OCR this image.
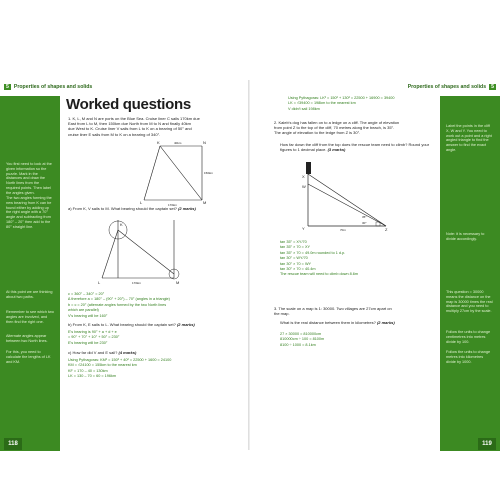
5 Properties of shapes and solids
You first need to look at the given information so the puzzle. Mark in the distances and draw the North lines from the required points. Then label the angles given.
The two angles forming the new bearing from K can be found either by adding up the right angle with a 70° angle and subtracting from 180° – 20° then add to the 80° straight line.
At this point we are thinking about two paths.
Remember to see which two angles are involved, and then find the right one.
Alternate angles appear between two North lines.
For this, you need to calculate the lengths of LK and KM.
118
Worked questions
1. K, L, M and N are ports on the Blue Sea. Cruise liner C sails 170km due
East from L to M, then 150km due North from M to N and finally 40km
due West to K. Cruise liner V sails from L to K on a bearing of 50° and
cruise liner E sails from M to K on a bearing of 340°.
K	N
L	M
150km
170km
40km
a) From K, V sails to M. What bearing should the captain set? (2 marks)
K
M
L	170km
c = 360° – 340° = 20°
∆ therefore a = 180° – (90° + 20°) – 70° (angles in a triangle)
b = c = 20° (alternate angles formed by the two North lines
which are parallel)
V's bearing will be 160°
b) From K, E sails to L. What bearing should the captain set? (2 marks)
E's bearing is 90° + a + d + e
= 90° + 70° + 10° + 50° = 230°
E's bearing will be 230°
c) How far did V and E sail? (4 marks)
Using Pythagoras: KM² = 150² + 40² = 22500 + 1600 = 24100
KM = √24100 = 155km to the nearest km
KF = 170 – 40 = 130km
LK = 130 – 70 = 60 = 196km
Properties of shapes and solids 5
Label the points in the cliff X, W and Y. You need to work out a point and a right angled triangle to find the answer to find the exact angle.
Note: it is necessary to divide accordingly.
This question = 30000 means the distance on the map is 30000 times the real distance and you need to multiply 27cm by the scale.
Follow the units to change centimetres into metres divide by 100.
Follow the units to change metres into kilometres divide by 1000.
119
Using Pythagoras: LK² = 150² + 130² = 22500 + 16900 = 39400
LK = √39400 = 198km to the nearest km
V didn't sail 198km
2. Kaleb's dog has fallen on to a ledge on a cliff. The angle of elevation
from point Z to the top of the cliff, 70 metres along the beach, is 35°.
The angle of elevation to the ledge from Z is 30°.
How far down the cliff from the top does the rescue team need to climb? Round your figures to 1 decimal place. (3 marks)
X
W
Y	Z
35°
30°
70m
tan 35° = XY/70
tan 35° × 70 = XY
tan 35° × 70 = 49.0m rounded to 1 d.p.
tan 30° = WY/70
tan 30° × 70 = WY
tan 30° × 70 = 40.4m
The rescue team will need to climb down 8.6m
3. The scale on a map is 1: 30000. Two villages are 27cm apart on
the map.
What is the real distance between them in kilometres? (2 marks)
27 × 30000 = 810000cm
810000cm ÷ 100 = 8100m
8100 ÷ 1000 = 8.1km
